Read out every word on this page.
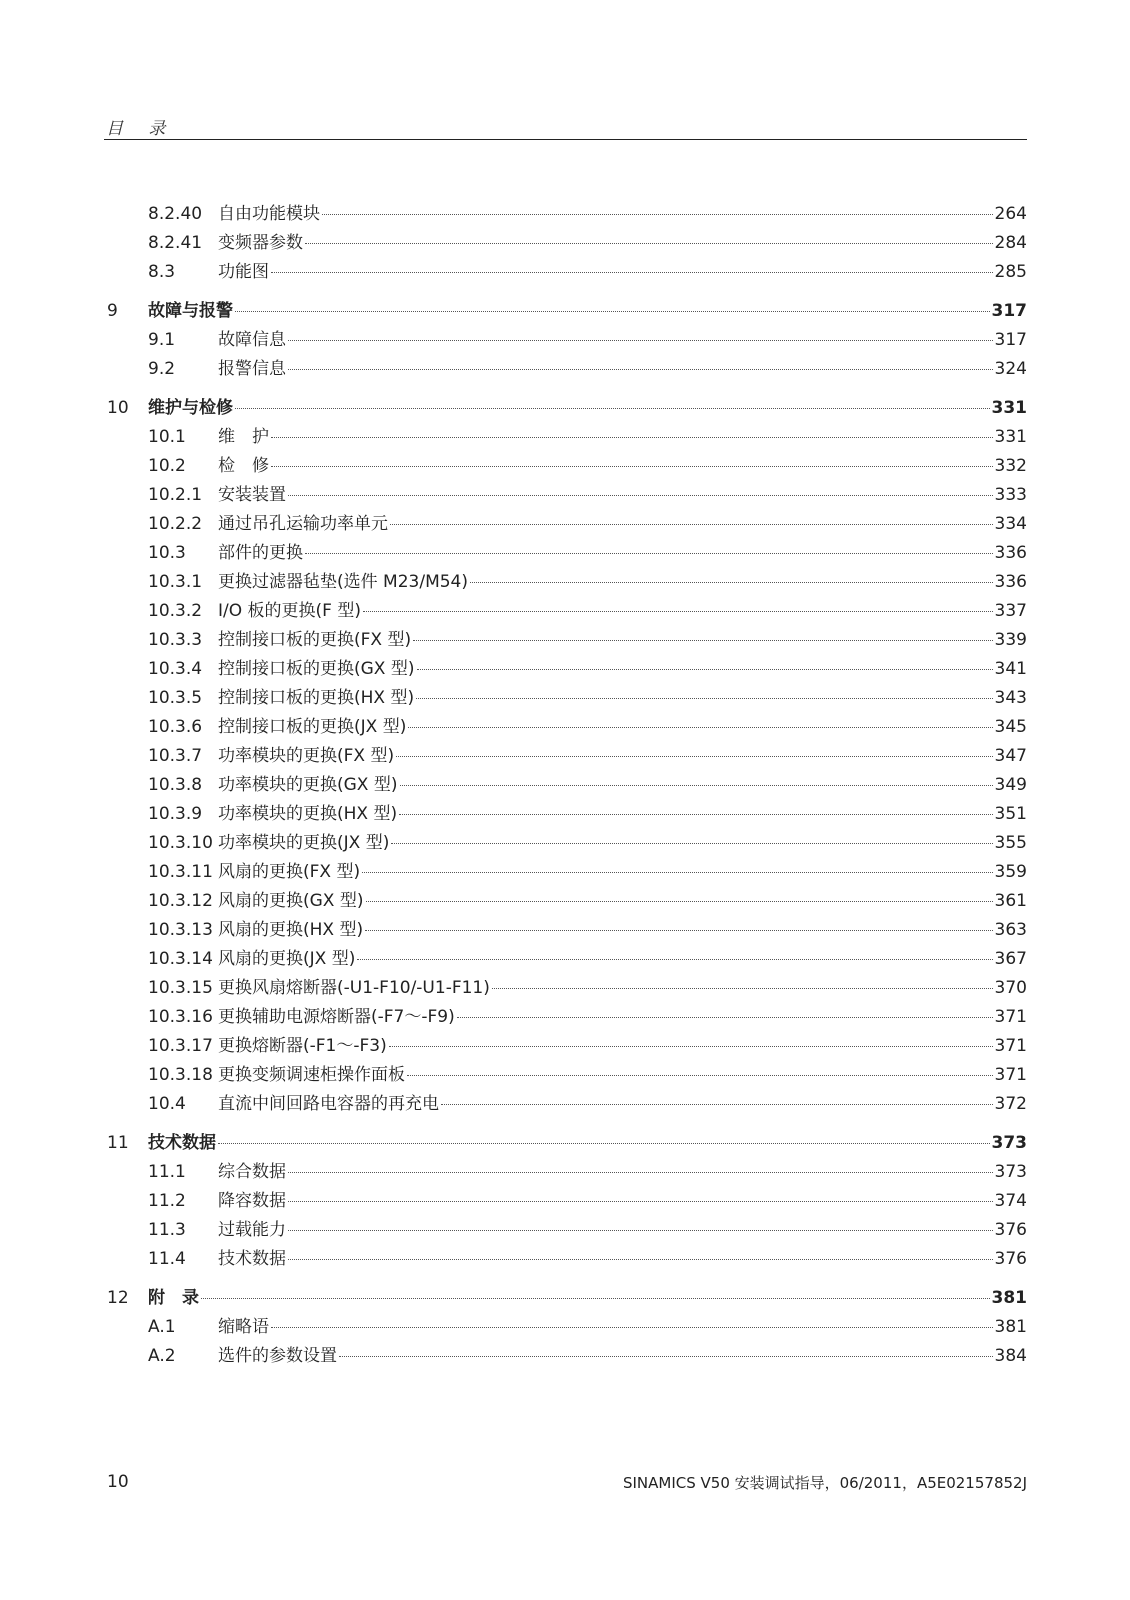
目 录
8.2.40 自由功能模块	264
8.2.41 变频器参数	284
8.3	功能图	285
9 故障与报警	317
9.1	故障信息	317
9.2	报警信息	324
10 维护与检修	331
10.1 维　护	331
10.2 检　修	332
10.2.1 安装装置	333
10.2.2 通过吊孔运输功率单元	334
10.3 部件的更换	336
10.3.1 更换过滤器毡垫(选件 M23/M54)	336
10.3.2 I/O 板的更换(F 型)	337
10.3.3 控制接口板的更换(FX 型)	339
10.3.4 控制接口板的更换(GX 型)	341
10.3.5 控制接口板的更换(HX 型)	343
10.3.6 控制接口板的更换(JX 型)	345
10.3.7 功率模块的更换(FX 型)	347
10.3.8 功率模块的更换(GX 型)	349
10.3.9 功率模块的更换(HX 型)	351
10.3.10 功率模块的更换(JX 型)	355
10.3.11 风扇的更换(FX 型)	359
10.3.12 风扇的更换(GX 型)	361
10.3.13 风扇的更换(HX 型)	363
10.3.14 风扇的更换(JX 型)	367
10.3.15 更换风扇熔断器(-U1-F10/-U1-F11)	370
10.3.16 更换辅助电源熔断器(-F7～-F9)	371
10.3.17 更换熔断器(-F1～-F3)	371
10.3.18 更换变频调速柜操作面板	371
10.4 直流中间回路电容器的再充电	372
11 技术数据	373
11.1 综合数据	373
11.2 降容数据	374
11.3 过载能力	376
11.4 技术数据	376
12 附　录	381
A.1 缩略语	381
A.2 选件的参数设置	384
10	SINAMICS V50 安装调试指导，06/2011，A5E02157852J
